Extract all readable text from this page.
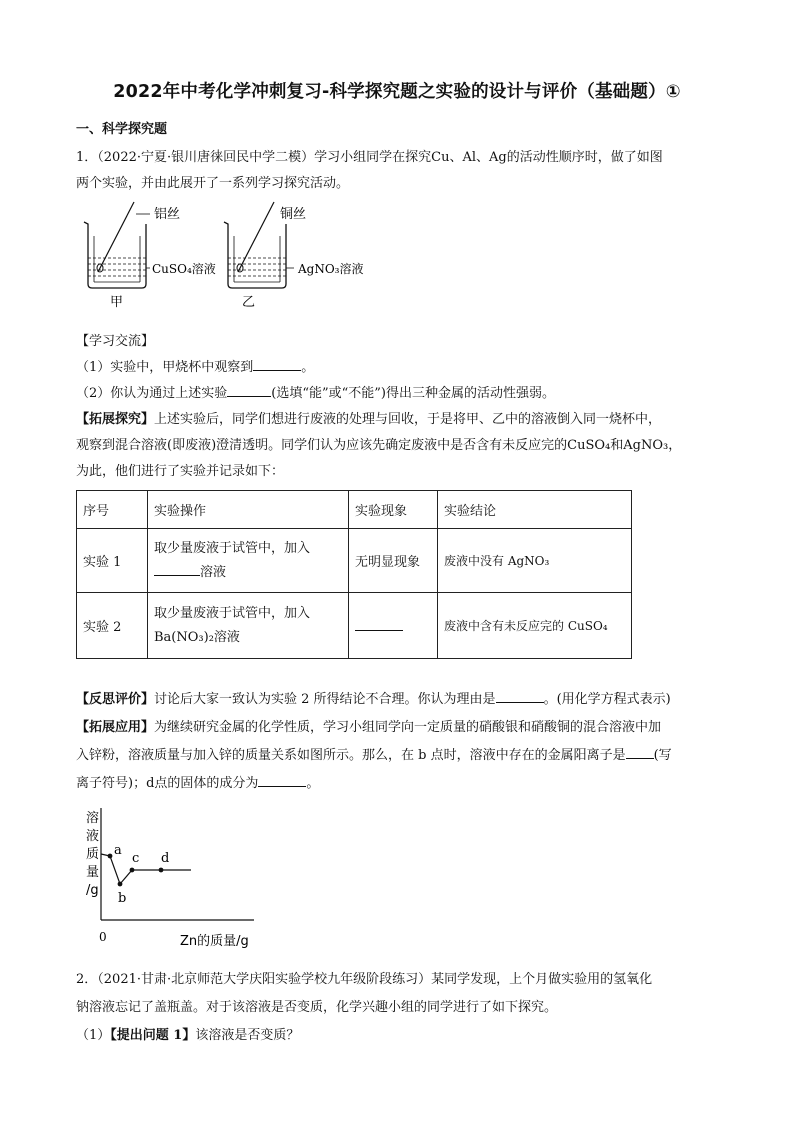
2022年中考化学冲刺复习-科学探究题之实验的设计与评价（基础题）①
一、科学探究题
1．（2022·宁夏·银川唐徕回民中学二模）学习小组同学在探究Cu、Al、Ag的活动性顺序时，做了如图
两个实验，并由此展开了一系列学习探究活动。
铝丝
CuSO₄溶液
甲
铜丝
AgNO₃溶液
乙
【学习交流】
（1）实验中，甲烧杯中观察到	。
（2）你认为通过上述实验	(选填“能”或“不能”)得出三种金属的活动性强弱。
【拓展探究】上述实验后，同学们想进行废液的处理与回收，于是将甲、乙中的溶液倒入同一烧杯中，
观察到混合溶液(即废液)澄清透明。同学们认为应该先确定废液中是否含有未反应完的CuSO₄和AgNO₃，
为此，他们进行了实验并记录如下：
序号	实验操作	实验现象	实验结论
实验 1	取少量废液于试管中，加入
溶液	无明显现象	废液中没有 AgNO₃
实验 2	取少量废液于试管中，加入
Ba(NO₃)₂溶液		废液中含有未反应完的 CuSO₄
【反思评价】讨论后大家一致认为实验 2 所得结论不合理。你认为理由是	。(用化学方程式表示)
【拓展应用】为继续研究金属的化学性质，学习小组同学向一定质量的硝酸银和硝酸铜的混合溶液中加
入锌粉，溶液质量与加入锌的质量关系如图所示。那么，在 b 点时，溶液中存在的金属阳离子是 (写
离子符号)；d点的固体的成分为	。
溶液质量/g
0	Zn的质量/g
a
b
c d
2．（2021·甘肃·北京师范大学庆阳实验学校九年级阶段练习）某同学发现，上个月做实验用的氢氧化
钠溶液忘记了盖瓶盖。对于该溶液是否变质，化学兴趣小组的同学进行了如下探究。
（1）【提出问题 1】该溶液是否变质？
